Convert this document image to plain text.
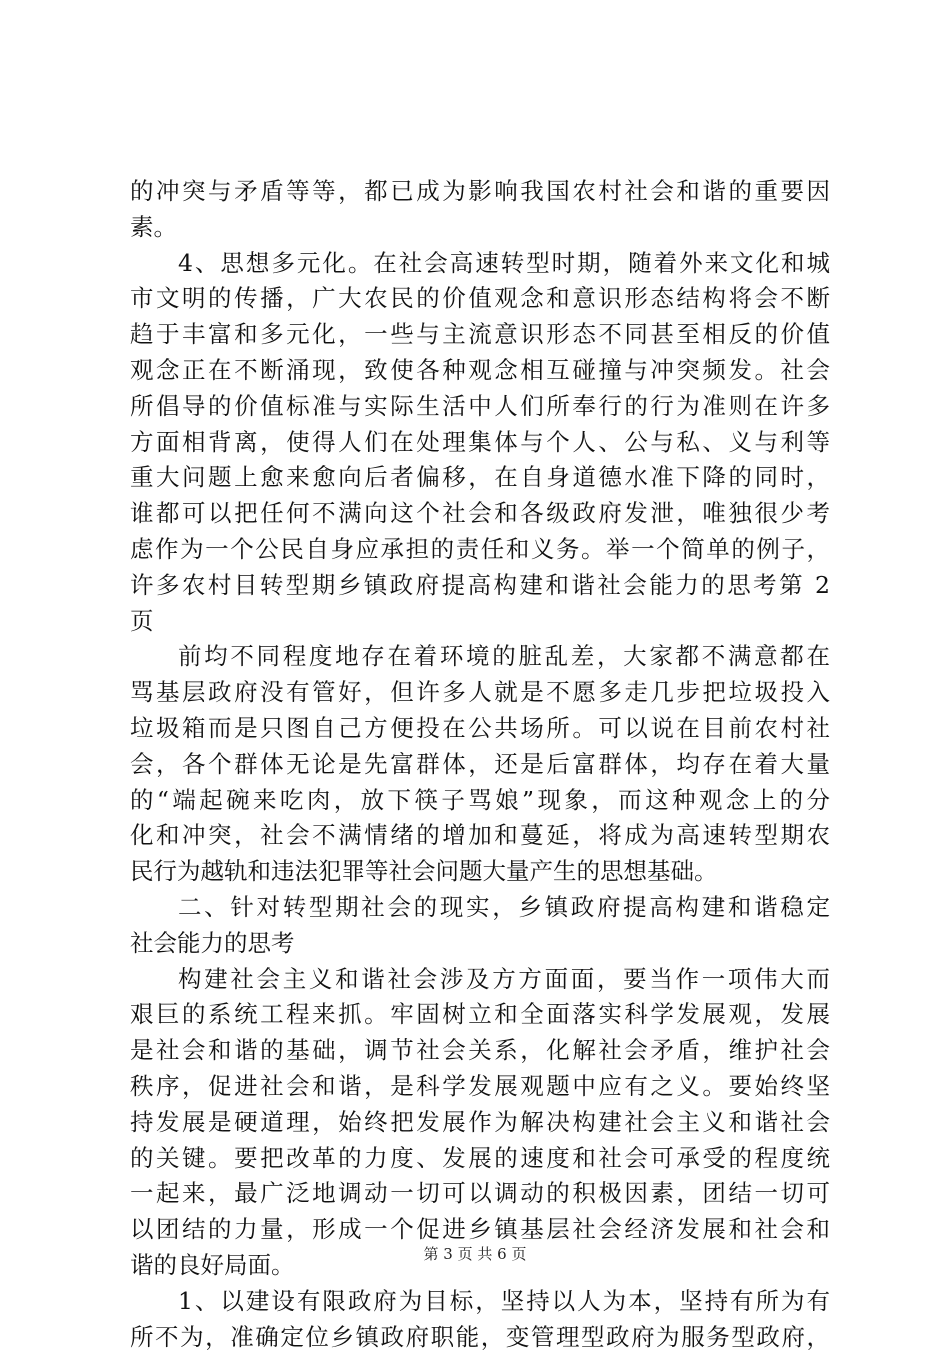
的冲突与矛盾等等，都已成为影响我国农村社会和谐的重要因
素。
4、思想多元化。在社会高速转型时期，随着外来文化和城
市文明的传播，广大农民的价值观念和意识形态结构将会不断
趋于丰富和多元化，一些与主流意识形态不同甚至相反的价值
观念正在不断涌现，致使各种观念相互碰撞与冲突频发。社会
所倡导的价值标准与实际生活中人们所奉行的行为准则在许多
方面相背离，使得人们在处理集体与个人、公与私、义与利等
重大问题上愈来愈向后者偏移，在自身道德水准下降的同时，
谁都可以把任何不满向这个社会和各级政府发泄，唯独很少考
虑作为一个公民自身应承担的责任和义务。举一个简单的例子，
许多农村目转型期乡镇政府提高构建和谐社会能力的思考第 2
页
前均不同程度地存在着环境的脏乱差，大家都不满意都在
骂基层政府没有管好，但许多人就是不愿多走几步把垃圾投入
垃圾箱而是只图自己方便投在公共场所。可以说在目前农村社
会，各个群体无论是先富群体，还是后富群体，均存在着大量
的“端起碗来吃肉，放下筷子骂娘”现象，而这种观念上的分
化和冲突，社会不满情绪的增加和蔓延，将成为高速转型期农
民行为越轨和违法犯罪等社会问题大量产生的思想基础。
二、针对转型期社会的现实，乡镇政府提高构建和谐稳定
社会能力的思考
构建社会主义和谐社会涉及方方面面，要当作一项伟大而
艰巨的系统工程来抓。牢固树立和全面落实科学发展观，发展
是社会和谐的基础，调节社会关系，化解社会矛盾，维护社会
秩序，促进社会和谐，是科学发展观题中应有之义。要始终坚
持发展是硬道理，始终把发展作为解决构建社会主义和谐社会
的关键。要把改革的力度、发展的速度和社会可承受的程度统
一起来，最广泛地调动一切可以调动的积极因素，团结一切可
以团结的力量，形成一个促进乡镇基层社会经济发展和社会和
谐的良好局面。
1、以建设有限政府为目标，坚持以人为本，坚持有所为有
所不为，准确定位乡镇政府职能，变管理型政府为服务型政府，
第 3 页 共 6 页
